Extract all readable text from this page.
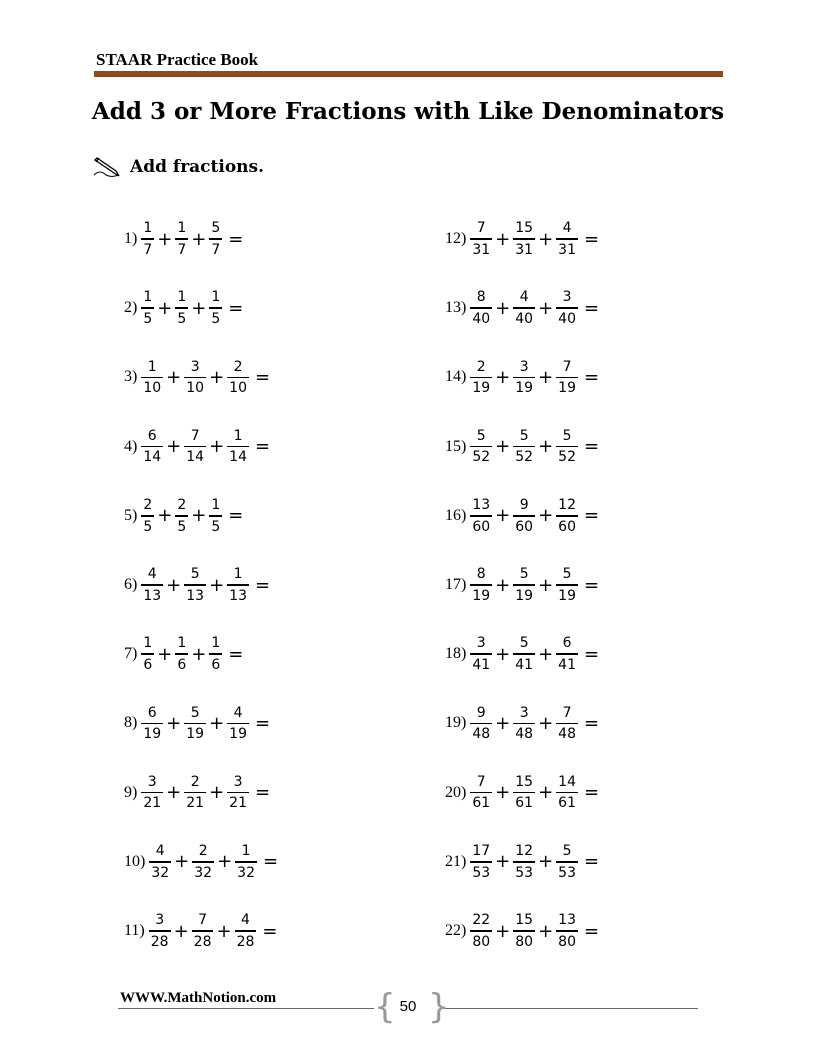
STAAR Practice Book
Add 3 or More Fractions with Like Denominators
Add fractions.
$1) \frac{1}{7} + \frac{1}{7} + \frac{5}{7}$ =
$2) \frac{1}{5} + \frac{1}{5} + \frac{1}{5}$ =
$3) \frac{1}{10} + \frac{3}{10} + \frac{2}{10}$ =
$4) \frac{6}{14} + \frac{7}{14} + \frac{1}{14}$ =
$5) \frac{2}{5} + \frac{2}{5} + \frac{1}{5}$ =
$6) \frac{4}{13} + \frac{5}{13} + \frac{1}{13}$ =
$7) \frac{1}{6} + \frac{1}{6} + \frac{1}{6}$ =
$8) \frac{6}{19} + \frac{5}{19} + \frac{4}{19}$ =
$9) \frac{3}{21} + \frac{2}{21} + \frac{3}{21}$ =
$10) \frac{4}{32} + \frac{2}{32} + \frac{1}{32}$ =
$11) \frac{3}{28} + \frac{7}{28} + \frac{4}{28}$ =
$12) \frac{7}{31} + \frac{15}{31} + \frac{4}{31}$ =
$13) \frac{8}{40} + \frac{4}{40} + \frac{3}{40}$ =
$14) \frac{2}{19} + \frac{3}{19} + \frac{7}{19}$ =
$15) \frac{5}{52} + \frac{5}{52} + \frac{5}{52}$ =
$16) \frac{13}{60} + \frac{9}{60} + \frac{12}{60}$ =
$17) \frac{8}{19} + \frac{5}{19} + \frac{5}{19}$ =
$18) \frac{3}{41} + \frac{5}{41} + \frac{6}{41}$ =
$19) \frac{9}{48} + \frac{3}{48} + \frac{7}{48}$ =
$20) \frac{7}{61} + \frac{15}{61} + \frac{14}{61}$ =
$21) \frac{17}{53} + \frac{12}{53} + \frac{5}{53}$ =
$22) \frac{22}{80} + \frac{15}{80} + \frac{13}{80}$ =
WWW.MathNotion.com	{ }
50
